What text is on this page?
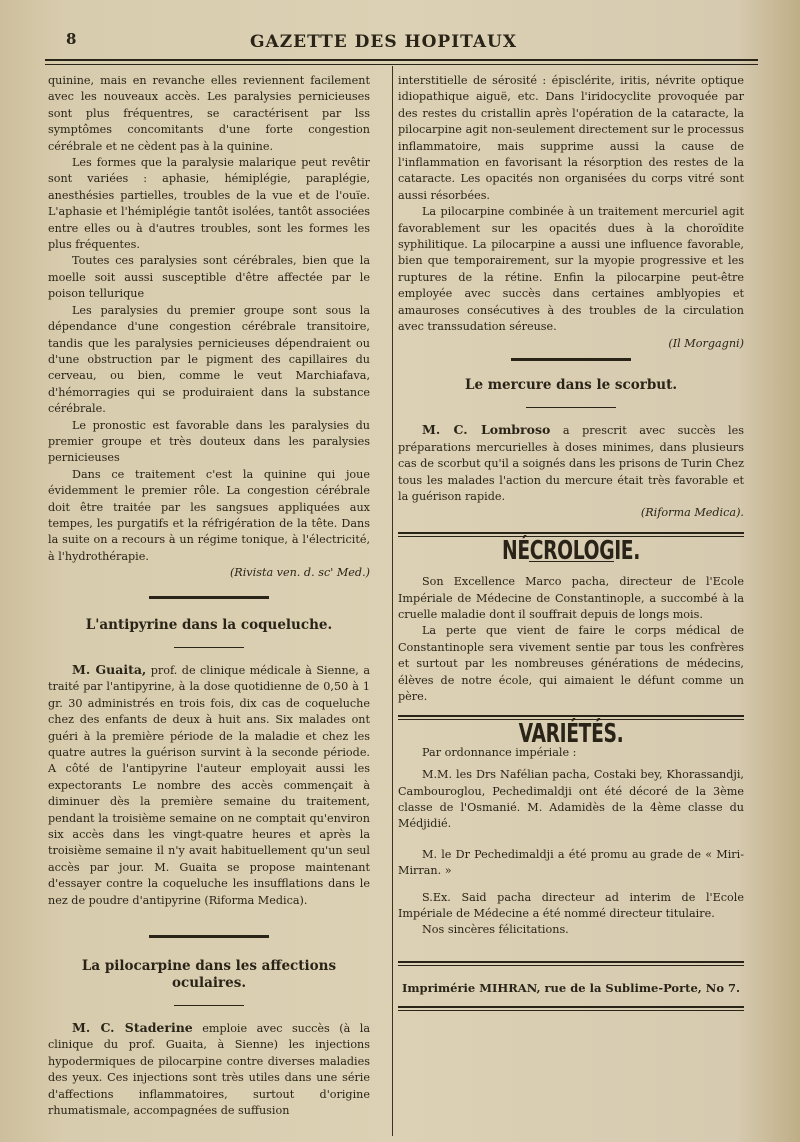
8	GAZETTE DES HOPITAUX

quinine, mais en revanche elles reviennent facilement avec les nouveaux accès. Les paralysies pernicieuses sont plus fréquentres, se caractérisent par lss symptômes concomitants d'une forte congestion cérébrale et ne cèdent pas à la quinine.

Les formes que la paralysie malarique peut revêtir sont variées : aphasie, hémiplégie, paraplégie, anesthésies partielles, troubles de la vue et de l'ouïe. L'aphasie et l'hémiplégie tantôt isolées, tantôt associées entre elles ou à d'autres troubles, sont les formes les plus fréquentes.

Toutes ces paralysies sont cérébrales, bien que la moelle soit aussi susceptible d'être affectée par le poison tellurique

Les paralysies du premier groupe sont sous la dépendance d'une congestion cérébrale transitoire, tandis que les paralysies pernicieuses dépendraient ou d'une obstruction par le pigment des capillaires du cerveau, ou bien, comme le veut Marchiafava, d'hémorragies qui se produiraient dans la substance cérébrale.

Le pronostic est favorable dans les paralysies du premier groupe et très douteux dans les paralysies pernicieuses

Dans ce traitement c'est la quinine qui joue évidemment le premier rôle. La congestion cérébrale doit être traitée par les sangsues appliquées aux tempes, les purgatifs et la réfrigération de la tête. Dans la suite on a recours à un régime tonique, à l'électricité, à l'hydrothérapie.

(Rivista ven. d. sc' Med.)

L'antipyrine dans la coqueluche.

M. Guaita, prof. de clinique médicale à Sienne, a traité par l'antipyrine, à la dose quotidienne de 0,50 à 1 gr. 30 administrés en trois fois, dix cas de coqueluche chez des enfants de deux à huit ans. Six malades ont guéri à la première période de la maladie et chez les quatre autres la guérison survint à la seconde période. A côté de l'antipyrine l'auteur employait aussi les expectorants Le nombre des accès commençait à diminuer dès la première semaine du traitement, pendant la troisième semaine on ne comptait qu'environ six accès dans les vingt-quatre heures et après la troisième semaine il n'y avait habituellement qu'un seul accès par jour. M. Guaita se propose maintenant d'essayer contre la coqueluche les insufflations dans le nez de poudre d'antipyrine (Riforma Medica).

La pilocarpine dans les affections oculaires.

M. C. Staderine emploie avec succès (à la clinique du prof. Guaita, à Sienne) les injections hypodermiques de pilocarpine contre diverses maladies des yeux. Ces injections sont très utiles dans une série d'affections inflammatoires, surtout d'origine rhumatismale, accompagnées de suffusion

interstitielle de sérosité : épisclérite, iritis, névrite optique idiopathique aiguë, etc. Dans l'iridocyclite provoquée par des restes du cristallin après l'opération de la cataracte, la pilocarpine agit non-seulement directement sur le processus inflammatoire, mais supprime aussi la cause de l'inflammation en favorisant la résorption des restes de la cataracte. Les opacités non organisées du corps vitré sont aussi résorbées.

La pilocarpine combinée à un traitement mercuriel agit favorablement sur les opacités dues à la choroïdite syphilitique. La pilocarpine a aussi une influence favorable, bien que temporairement, sur la myopie progressive et les ruptures de la rétine. Enfin la pilocarpine peut-être employée avec succès dans certaines amblyopies et amauroses consécutives à des troubles de la circulation avec transsudation séreuse.

(Il Morgagni)

Le mercure dans le scorbut.

M. C. Lombroso a prescrit avec succès les préparations mercurielles à doses minimes, dans plusieurs cas de scorbut qu'il a soignés dans les prisons de Turin Chez tous les malades l'action du mercure était très favorable et la guérison rapide.

(Riforma Medica).

NÉCROLOGIE.

Son Excellence Marco pacha, directeur de l'Ecole Impériale de Médecine de Constantinople, a succombé à la cruelle maladie dont il souffrait depuis de longs mois.

La perte que vient de faire le corps médical de Constantinople sera vivement sentie par tous les confrères et surtout par les nombreuses générations de médecins, élèves de notre école, qui aimaient le défunt comme un père.

VARIÉTÉS.

Par ordonnance impériale :

M.M. les Drs Nafélian pacha, Costaki bey, Khorassandji, Cambouroglou, Pechedimaldji ont été décoré de la 3ème classe de l'Osmanié. M. Adamidès de la 4ème classe du Médjidié.

M. le Dr Pechedimaldji a été promu au grade de « Miri-Mirran. »

S.Ex. Said pacha directeur ad interim de l'Ecole Impériale de Médecine a été nommé directeur titulaire.

Nos sincères félicitations.

Imprimérie MIHRAN, rue de la Sublime-Porte, No 7.
